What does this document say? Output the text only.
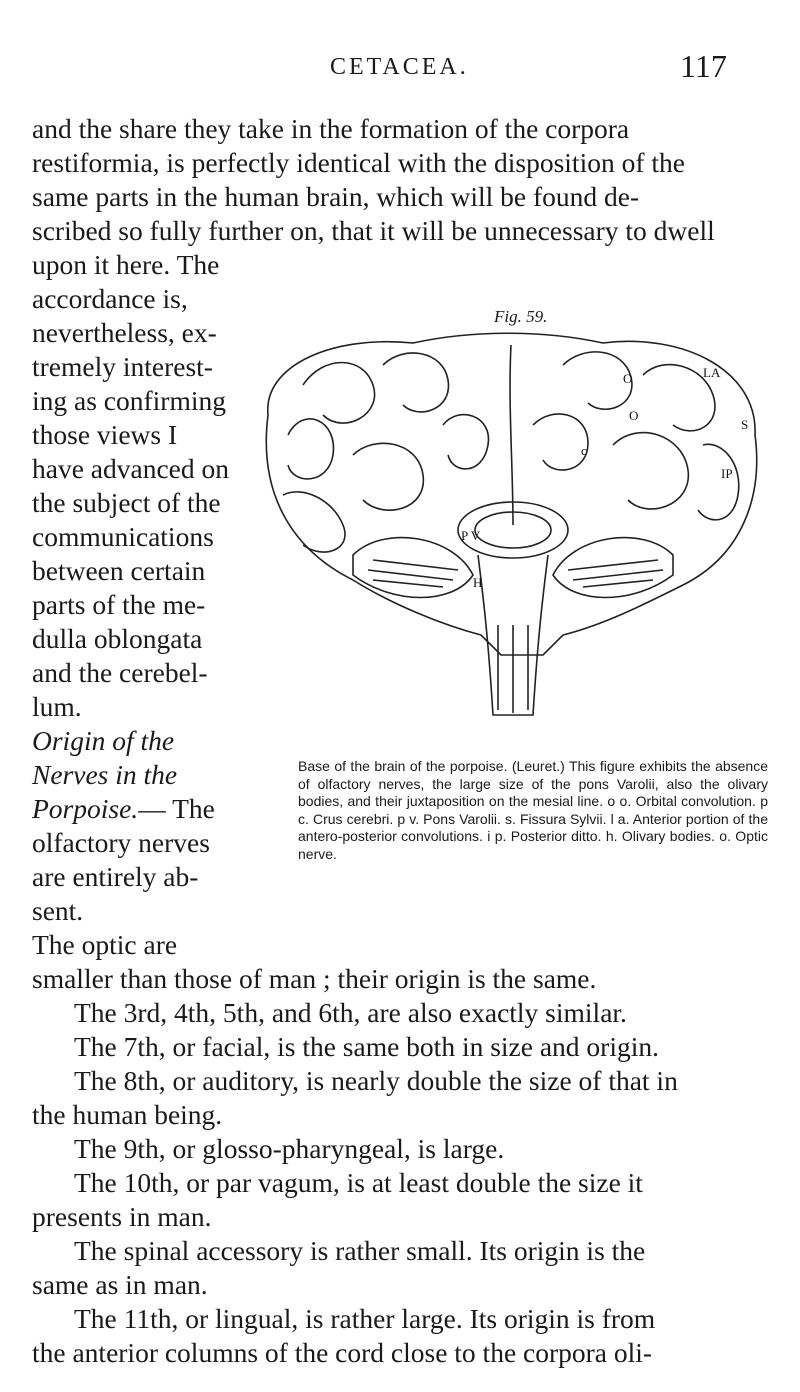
CETACEA.	117
and the share they take in the formation of the corpora
restiformia, is perfectly identical with the disposition of the
same parts in the human brain, which will be found de-
scribed so fully further on, that it will be unnecessary to dwell
upon it here. The
accordance is,
nevertheless, ex-
tremely interest-
ing as confirming
those views I
have advanced on
the subject of the
communications
between certain
parts of the me-
dulla oblongata
and the cerebel-
lum.
Origin of the
Nerves in the
Porpoise.— The
olfactory nerves
are entirely ab-
sent.
The optic are
Fig. 59.
O	LA
O
c
S
IP
P V
H
Base of the brain of the porpoise. (Leuret.) This figure exhibits the absence of olfactory nerves, the large size of the pons Varolii, also the olivary bodies, and their juxtaposition on the mesial line. o o. Orbital convolution. p c. Crus cerebri. p v. Pons Varolii. s. Fissura Sylvii. l a. Anterior portion of the antero-posterior convolutions. i p. Posterior ditto. h. Olivary bodies. o. Optic nerve.
smaller than those of man ; their origin is the same.
The 3rd, 4th, 5th, and 6th, are also exactly similar.
The 7th, or facial, is the same both in size and origin.
The 8th, or auditory, is nearly double the size of that in
the human being.
The 9th, or glosso-pharyngeal, is large.
The 10th, or par vagum, is at least double the size it
presents in man.
The spinal accessory is rather small. Its origin is the
same as in man.
The 11th, or lingual, is rather large. Its origin is from
the anterior columns of the cord close to the corpora oli-
